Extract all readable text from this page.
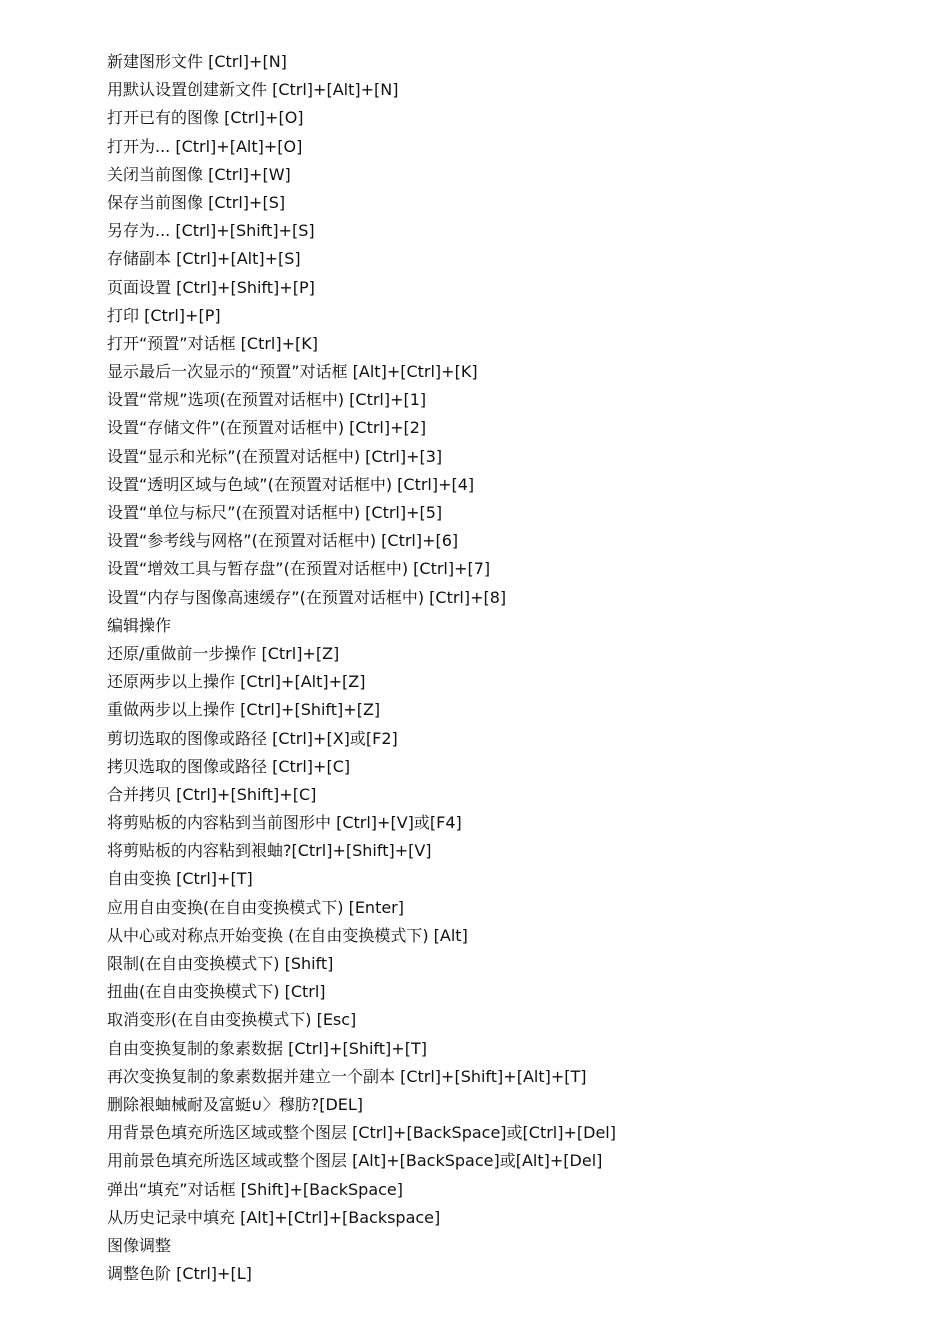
新建图形文件 [Ctrl]+[N]
用默认设置创建新文件 [Ctrl]+[Alt]+[N]
打开已有的图像 [Ctrl]+[O]
打开为... [Ctrl]+[Alt]+[O]
关闭当前图像 [Ctrl]+[W]
保存当前图像 [Ctrl]+[S]
另存为... [Ctrl]+[Shift]+[S]
存储副本 [Ctrl]+[Alt]+[S]
页面设置 [Ctrl]+[Shift]+[P]
打印 [Ctrl]+[P]
打开“预置”对话框 [Ctrl]+[K]
显示最后一次显示的“预置”对话框 [Alt]+[Ctrl]+[K]
设置“常规”选项(在预置对话框中) [Ctrl]+[1]
设置“存储文件”(在预置对话框中) [Ctrl]+[2]
设置“显示和光标”(在预置对话框中) [Ctrl]+[3]
设置“透明区域与色域”(在预置对话框中) [Ctrl]+[4]
设置“单位与标尺”(在预置对话框中) [Ctrl]+[5]
设置“参考线与网格”(在预置对话框中) [Ctrl]+[6]
设置“增效工具与暂存盘”(在预置对话框中) [Ctrl]+[7]
设置“内存与图像高速缓存”(在预置对话框中) [Ctrl]+[8]
编辑操作
还原/重做前一步操作 [Ctrl]+[Z]
还原两步以上操作 [Ctrl]+[Alt]+[Z]
重做两步以上操作 [Ctrl]+[Shift]+[Z]
剪切选取的图像或路径 [Ctrl]+[X]或[F2]
拷贝选取的图像或路径 [Ctrl]+[C]
合并拷贝 [Ctrl]+[Shift]+[C]
将剪贴板的内容粘到当前图形中 [Ctrl]+[V]或[F4]
将剪贴板的内容粘到裉蚰?[Ctrl]+[Shift]+[V]
自由变换 [Ctrl]+[T]
应用自由变换(在自由变换模式下) [Enter]
从中心或对称点开始变换 (在自由变换模式下) [Alt]
限制(在自由变换模式下) [Shift]
扭曲(在自由变换模式下) [Ctrl]
取消变形(在自由变换模式下) [Esc]
自由变换复制的象素数据 [Ctrl]+[Shift]+[T]
再次变换复制的象素数据并建立一个副本 [Ctrl]+[Shift]+[Alt]+[T]
删除裉蚰械耐及富蜓∪〉穆肪?[DEL]
用背景色填充所选区域或整个图层 [Ctrl]+[BackSpace]或[Ctrl]+[Del]
用前景色填充所选区域或整个图层 [Alt]+[BackSpace]或[Alt]+[Del]
弹出“填充”对话框 [Shift]+[BackSpace]
从历史记录中填充 [Alt]+[Ctrl]+[Backspace]
图像调整
调整色阶 [Ctrl]+[L]
